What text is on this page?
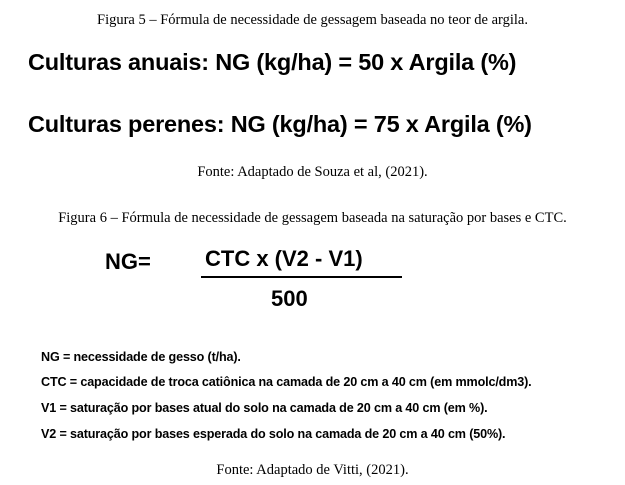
Figura 5 – Fórmula de necessidade de gessagem baseada no teor de argila.
Culturas anuais: NG (kg/ha) = 50 x Argila (%)
Culturas perenes: NG (kg/ha) = 75 x Argila (%)
Fonte: Adaptado de Souza et al, (2021).
Figura 6 – Fórmula de necessidade de gessagem baseada na saturação por bases e CTC.
NG= CTC x (V2 - V1)
500
NG = necessidade de gesso (t/ha).
CTC = capacidade de troca catiônica na camada de 20 cm a 40 cm (em mmolc/dm3).
V1 = saturação por bases atual do solo na camada de 20 cm a 40 cm (em %).
V2 = saturação por bases esperada do solo na camada de 20 cm a 40 cm (50%).
Fonte: Adaptado de Vitti, (2021).
